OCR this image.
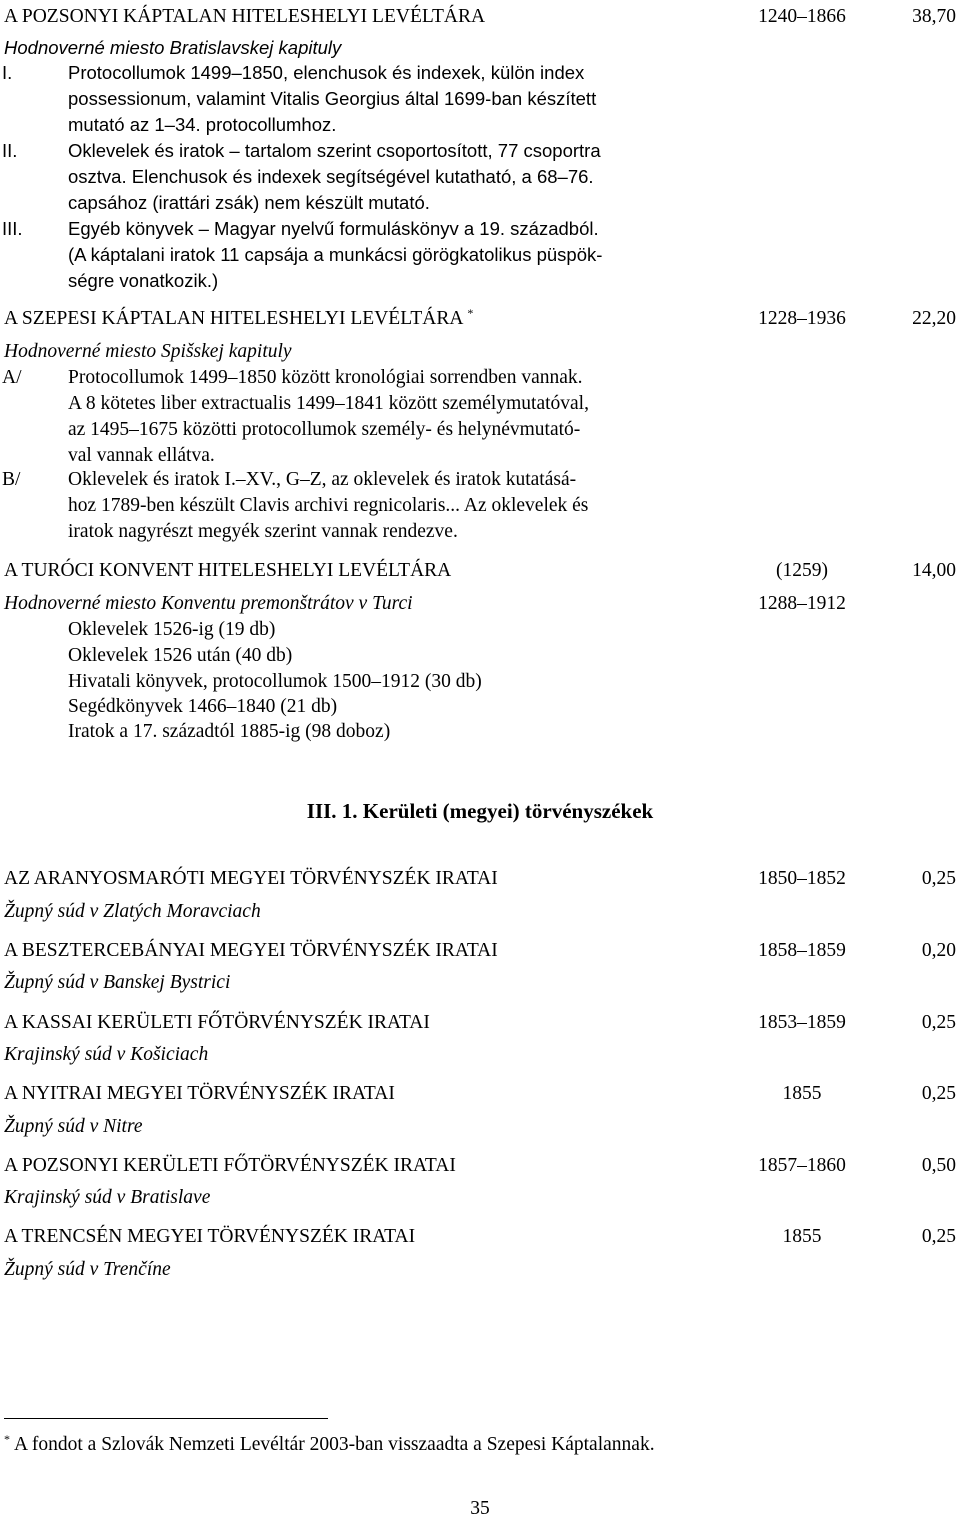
A POZSONYI KÁPTALAN HITELESHELYI LEVÉLTÁRA	1240–1866	38,70
Hodnoverné miesto Bratislavskej kapituly
I.	Protocollumok 1499–1850, elenchusok és indexek, külön index
possessionum, valamint Vitalis Georgius által 1699-ban készített
mutató az 1–34. protocollumhoz.
II.	Oklevelek és iratok – tartalom szerint csoportosított, 77 csoportra
osztva. Elenchusok és indexek segítségével kutatható, a 68–76.
capsához (irattári zsák) nem készült mutató.
III. Egyéb könyvek – Magyar nyelvű formuláskönyv a 19. századból.
(A káptalani iratok 11 capsája a munkácsi görögkatolikus püspök-
ségre vonatkozik.)
A SZEPESI KÁPTALAN HITELESHELYI LEVÉLTÁRA *	1228–1936	22,20
Hodnoverné miesto Spišskej kapituly
A/ Protocollumok 1499–1850 között kronológiai sorrendben vannak.
A 8 kötetes liber extractualis 1499–1841 között személymutatóval,
az 1495–1675 közötti protocollumok személy- és helynévmutató-
val vannak ellátva.
B/ Oklevelek és iratok I.–XV., G–Z, az oklevelek és iratok kutatásá-
hoz 1789-ben készült Clavis archivi regnicolaris... Az oklevelek és
iratok nagyrészt megyék szerint vannak rendezve.
A TURÓCI KONVENT HITELESHELYI LEVÉLTÁRA	(1259)	14,00
Hodnoverné miesto Konventu premonštrátov v Turci	1288–1912
Oklevelek 1526-ig (19 db)
Oklevelek 1526 után (40 db)
Hivatali könyvek, protocollumok 1500–1912 (30 db)
Segédkönyvek 1466–1840 (21 db)
Iratok a 17. századtól 1885-ig (98 doboz)
III. 1. Kerületi (megyei) törvényszékek
AZ ARANYOSMARÓTI MEGYEI TÖRVÉNYSZÉK IRATAI	1850–1852	0,25
Župný súd v Zlatých Moravciach
A BESZTERCEBÁNYAI MEGYEI TÖRVÉNYSZÉK IRATAI	1858–1859	0,20
Župný súd v Banskej Bystrici
A KASSAI KERÜLETI FŐTÖRVÉNYSZÉK IRATAI	1853–1859	0,25
Krajinský súd v Košiciach
A NYITRAI MEGYEI TÖRVÉNYSZÉK IRATAI	1855	0,25
Župný súd v Nitre
A POZSONYI KERÜLETI FŐTÖRVÉNYSZÉK IRATAI	1857–1860	0,50
Krajinský súd v Bratislave
A TRENCSÉN MEGYEI TÖRVÉNYSZÉK IRATAI	1855	0,25
Župný súd v Trenčíne
* A fondot a Szlovák Nemzeti Levéltár 2003-ban visszaadta a Szepesi Káptalannak.
35
